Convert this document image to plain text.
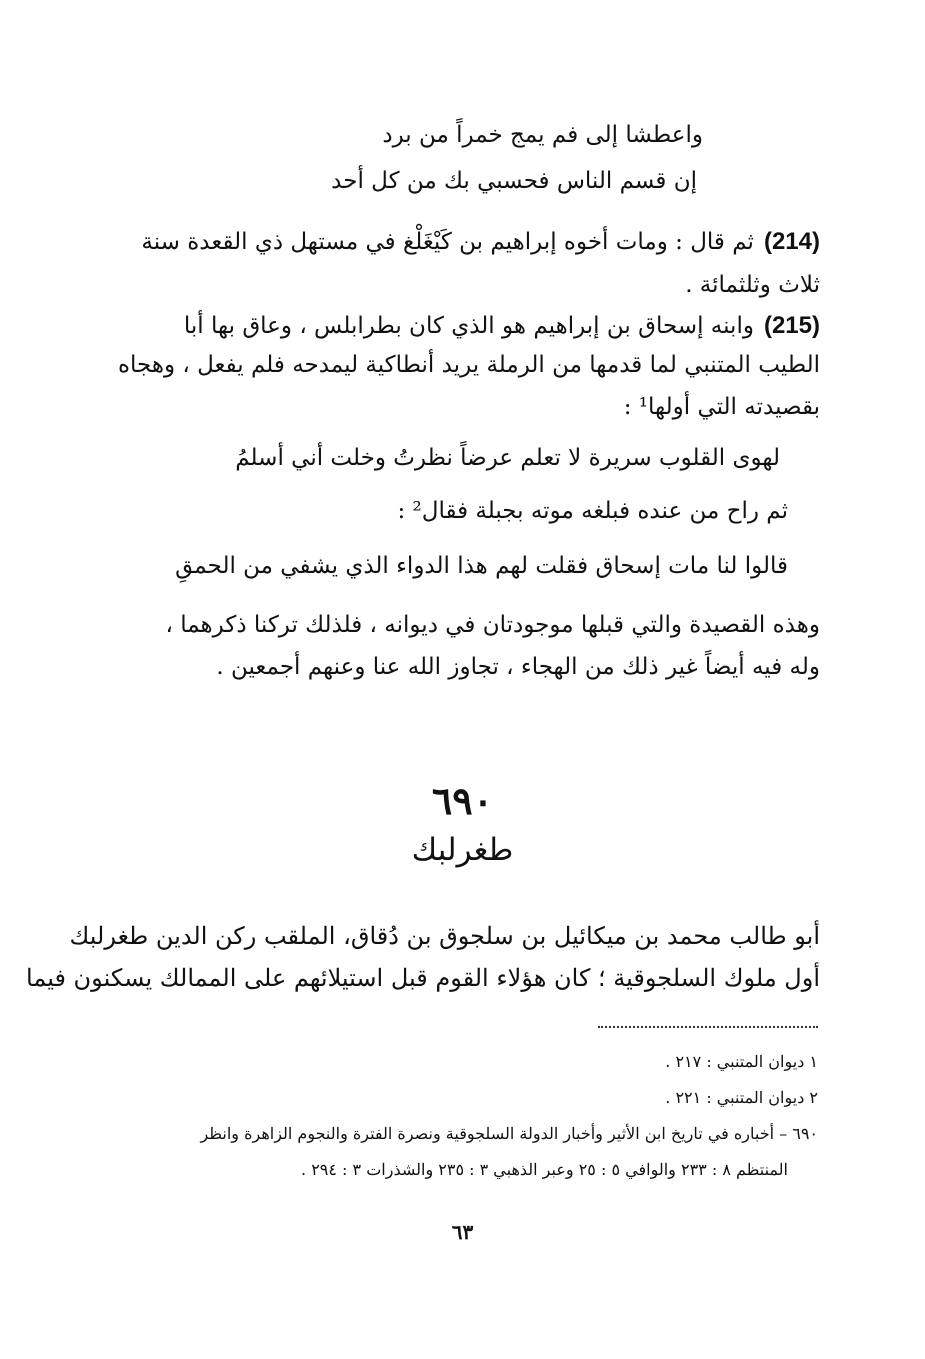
واعطشا إلى فم يمج خمراً من برد
إن قسم الناس فحسبي بك من كل أحد
(214)ثم قال : ومات أخوه إبراهيم بن كَيْغَلْغ في مستهل ذي القعدة سنة
ثلاث وثلثمائة .
(215)وابنه إسحاق بن إبراهيم هو الذي كان بطرابلس ، وعاق بها أبا
الطيب المتنبي لما قدمها من الرملة يريد أنطاكية ليمدحه فلم يفعل ، وهجاه
بقصيدته التي أولها¹ :
لهوى القلوب سريرة لا تعلم عرضاً نظرتُ وخلت أني أسلمُ
ثم راح من عنده فبلغه موته بجبلة فقال² :
قالوا لنا مات إسحاق فقلت لهم هذا الدواء الذي يشفي من الحمقِ
وهذه القصيدة والتي قبلها موجودتان في ديوانه ، فلذلك تركنا ذكرهما ،
وله فيه أيضاً غير ذلك من الهجاء ، تجاوز الله عنا وعنهم أجمعين .
٦٩٠
طغرلبك
أبو طالب محمد بن ميكائيل بن سلجوق بن دُقاق، الملقب ركن الدين طغرلبك
أول ملوك السلجوقية ؛ كان هؤلاء القوم قبل استيلائهم على الممالك يسكنون فيما
١ ديوان المتنبي : ٢١٧ .
٢ ديوان المتنبي : ٢٢١ .
٦٩٠ – أخباره في تاريخ ابن الأثير وأخبار الدولة السلجوقية ونصرة الفترة والنجوم الزاهرة وانظر
المنتظم ٨ : ٢٣٣ والوافي ٥ : ٢٥ وعبر الذهبي ٣ : ٢٣٥ والشذرات ٣ : ٢٩٤ .
٦٣
